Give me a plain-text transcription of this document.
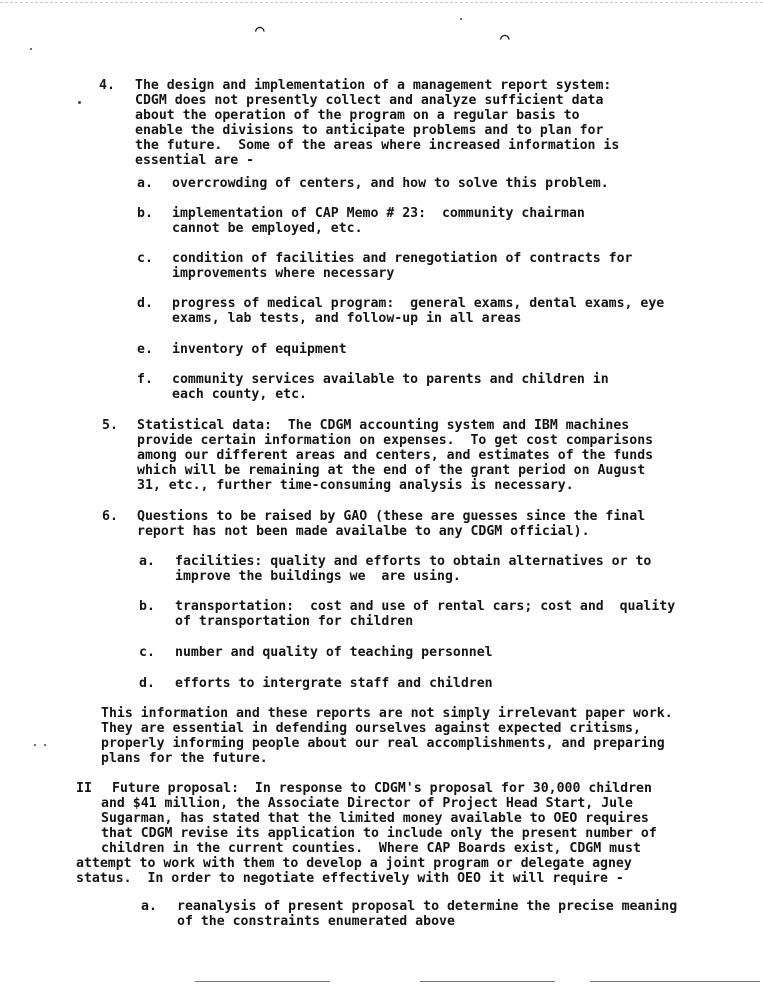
⌒	⌒
4. The design and implementation of a management report system:
CDGM does not presently collect and analyze sufficient data
about the operation of the program on a regular basis to
enable the divisions to anticipate problems and to plan for
the future.  Some of the areas where increased information is
essential are -
a. overcrowding of centers, and how to solve this problem.
b. implementation of CAP Memo # 23:  community chairman
cannot be employed, etc.
c. condition of facilities and renegotiation of contracts for
improvements where necessary
d. progress of medical program:  general exams, dental exams, eye
exams, lab tests, and follow-up in all areas
e. inventory of equipment
f. community services available to parents and children in
each county, etc.
5. Statistical data:  The CDGM accounting system and IBM machines
provide certain information on expenses.  To get cost comparisons
among our different areas and centers, and estimates of the funds
which will be remaining at the end of the grant period on August
31, etc., further time-consuming analysis is necessary.
6. Questions to be raised by GAO (these are guesses since the final
report has not been made availalbe to any CDGM official).
a. facilities: quality and efforts to obtain alternatives or to
improve the buildings we  are using.
b. transportation:  cost and use of rental cars; cost and  quality
of transportation for children
c. number and quality of teaching personnel
d. efforts to intergrate staff and children
This information and these reports are not simply irrelevant paper work.
They are essential in defending ourselves against expected critisms,
properly informing people about our real accomplishments, and preparing
plans for the future.
II Future proposal:  In response to CDGM's proposal for 30,000 children
and $41 million, the Associate Director of Project Head Start, Jule
Sugarman, has stated that the limited money available to OEO requires
that CDGM revise its application to include only the present number of
children in the current counties.  Where CAP Boards exist, CDGM must
attempt to work with them to develop a joint program or delegate agney
status.  In order to negotiate effectively with OEO it will require -
a. reanalysis of present proposal to determine the precise meaning
of the constraints enumerated above
